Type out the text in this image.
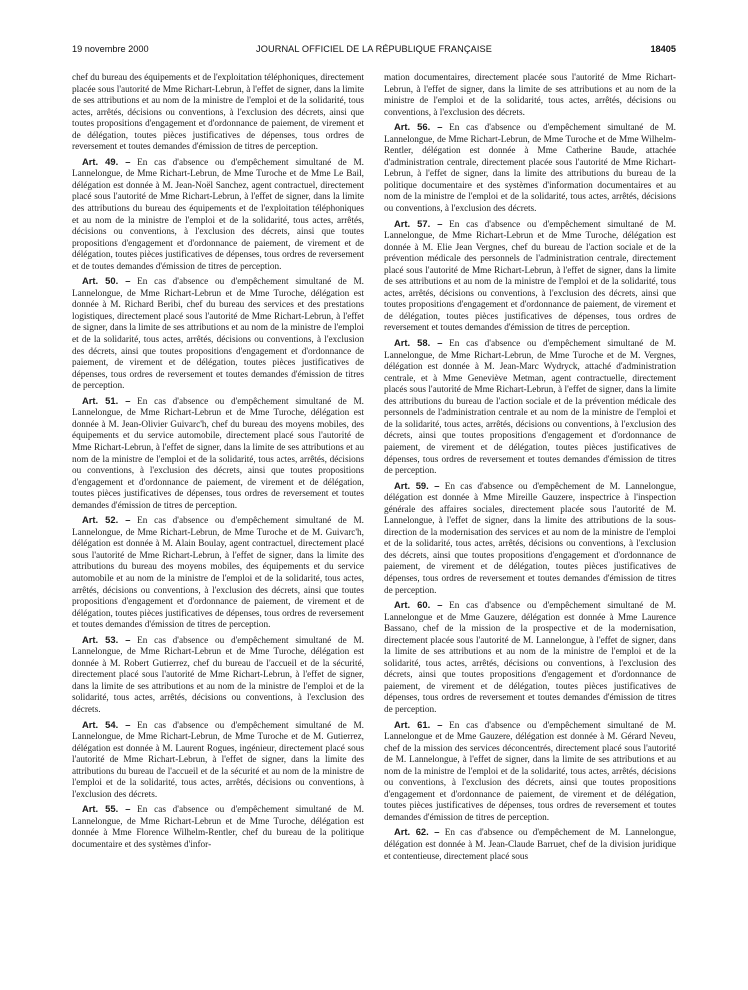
19 novembre 2000	JOURNAL OFFICIEL DE LA RÉPUBLIQUE FRANÇAISE	18405

chef du bureau des équipements et de l'exploitation téléphoniques, directement placée sous l'autorité de Mme Richart-Lebrun, à l'effet de signer, dans la limite de ses attributions et au nom de la ministre de l'emploi et de la solidarité, tous actes, arrêtés, décisions ou conventions, à l'exclusion des décrets, ainsi que toutes propositions d'engagement et d'ordonnance de paiement, de virement et de délégation, toutes pièces justificatives de dépenses, tous ordres de reversement et toutes demandes d'émission de titres de perception.

Art. 49. – En cas d'absence ou d'empêchement simultané de M. Lannelongue, de Mme Richart-Lebrun, de Mme Turoche et de Mme Le Bail, délégation est donnée à M. Jean-Noël Sanchez, agent contractuel, directement placé sous l'autorité de Mme Richart-Lebrun, à l'effet de signer, dans la limite des attributions du bureau des équipements et de l'exploitation téléphoniques et au nom de la ministre de l'emploi et de la solidarité, tous actes, arrêtés, décisions ou conventions, à l'exclusion des décrets, ainsi que toutes propositions d'engagement et d'ordonnance de paiement, de virement et de délégation, toutes pièces justificatives de dépenses, tous ordres de reversement et de toutes demandes d'émission de titres de perception.

Art. 50. – En cas d'absence ou d'empêchement simultané de M. Lannelongue, de Mme Richart-Lebrun et de Mme Turoche, délégation est donnée à M. Richard Beribi, chef du bureau des services et des prestations logistiques, directement placé sous l'autorité de Mme Richart-Lebrun, à l'effet de signer, dans la limite de ses attributions et au nom de la ministre de l'emploi et de la solidarité, tous actes, arrêtés, décisions ou conventions, à l'exclusion des décrets, ainsi que toutes propositions d'engagement et d'ordonnance de paiement, de virement et de délégation, toutes pièces justificatives de dépenses, tous ordres de reversement et toutes demandes d'émission de titres de perception.

Art. 51. – En cas d'absence ou d'empêchement simultané de M. Lannelongue, de Mme Richart-Lebrun et de Mme Turoche, délégation est donnée à M. Jean-Olivier Guivarc'h, chef du bureau des moyens mobiles, des équipements et du service automobile, directement placé sous l'autorité de Mme Richart-Lebrun, à l'effet de signer, dans la limite de ses attributions et au nom de la ministre de l'emploi et de la solidarité, tous actes, arrêtés, décisions ou conventions, à l'exclusion des décrets, ainsi que toutes propositions d'engagement et d'ordonnance de paiement, de virement et de délégation, toutes pièces justificatives de dépenses, tous ordres de reversement et toutes demandes d'émission de titres de perception.

Art. 52. – En cas d'absence ou d'empêchement simultané de M. Lannelongue, de Mme Richart-Lebrun, de Mme Turoche et de M. Guivarc'h, délégation est donnée à M. Alain Boulay, agent contractuel, directement placé sous l'autorité de Mme Richart-Lebrun, à l'effet de signer, dans la limite des attributions du bureau des moyens mobiles, des équipements et du service automobile et au nom de la ministre de l'emploi et de la solidarité, tous actes, arrêtés, décisions ou conventions, à l'exclusion des décrets, ainsi que toutes propositions d'engagement et d'ordonnance de paiement, de virement et de délégation, toutes pièces justificatives de dépenses, tous ordres de reversement et toutes demandes d'émission de titres de perception.

Art. 53. – En cas d'absence ou d'empêchement simultané de M. Lannelongue, de Mme Richart-Lebrun et de Mme Turoche, délégation est donnée à M. Robert Gutierrez, chef du bureau de l'accueil et de la sécurité, directement placé sous l'autorité de Mme Richart-Lebrun, à l'effet de signer, dans la limite de ses attributions et au nom de la ministre de l'emploi et de la solidarité, tous actes, arrêtés, décisions ou conventions, à l'exclusion des décrets.

Art. 54. – En cas d'absence ou d'empêchement simultané de M. Lannelongue, de Mme Richart-Lebrun, de Mme Turoche et de M. Gutierrez, délégation est donnée à M. Laurent Rogues, ingénieur, directement placé sous l'autorité de Mme Richart-Lebrun, à l'effet de signer, dans la limite des attributions du bureau de l'accueil et de la sécurité et au nom de la ministre de l'emploi et de la solidarité, tous actes, arrêtés, décisions ou conventions, à l'exclusion des décrets.

Art. 55. – En cas d'absence ou d'empêchement simultané de M. Lannelongue, de Mme Richart-Lebrun et de Mme Turoche, délégation est donnée à Mme Florence Wilhelm-Rentler, chef du bureau de la politique documentaire et des systèmes d'infor-

mation documentaires, directement placée sous l'autorité de Mme Richart-Lebrun, à l'effet de signer, dans la limite de ses attributions et au nom de la ministre de l'emploi et de la solidarité, tous actes, arrêtés, décisions ou conventions, à l'exclusion des décrets.

Art. 56. – En cas d'absence ou d'empêchement simultané de M. Lannelongue, de Mme Richart-Lebrun, de Mme Turoche et de Mme Wilhelm-Rentler, délégation est donnée à Mme Catherine Baude, attachée d'administration centrale, directement placée sous l'autorité de Mme Richart-Lebrun, à l'effet de signer, dans la limite des attributions du bureau de la politique documentaire et des systèmes d'information documentaires et au nom de la ministre de l'emploi et de la solidarité, tous actes, arrêtés, décisions ou conventions, à l'exclusion des décrets.

Art. 57. – En cas d'absence ou d'empêchement simultané de M. Lannelongue, de Mme Richart-Lebrun et de Mme Turoche, délégation est donnée à M. Elie Jean Vergnes, chef du bureau de l'action sociale et de la prévention médicale des personnels de l'administration centrale, directement placé sous l'autorité de Mme Richart-Lebrun, à l'effet de signer, dans la limite de ses attributions et au nom de la ministre de l'emploi et de la solidarité, tous actes, arrêtés, décisions ou conventions, à l'exclusion des décrets, ainsi que toutes propositions d'engagement et d'ordonnance de paiement, de virement et de délégation, toutes pièces justificatives de dépenses, tous ordres de reversement et toutes demandes d'émission de titres de perception.

Art. 58. – En cas d'absence ou d'empêchement simultané de M. Lannelongue, de Mme Richart-Lebrun, de Mme Turoche et de M. Vergnes, délégation est donnée à M. Jean-Marc Wydryck, attaché d'administration centrale, et à Mme Geneviève Metman, agent contractuelle, directement placés sous l'autorité de Mme Richart-Lebrun, à l'effet de signer, dans la limite des attributions du bureau de l'action sociale et de la prévention médicale des personnels de l'administration centrale et au nom de la ministre de l'emploi et de la solidarité, tous actes, arrêtés, décisions ou conventions, à l'exclusion des décrets, ainsi que toutes propositions d'engagement et d'ordonnance de paiement, de virement et de délégation, toutes pièces justificatives de dépenses, tous ordres de reversement et toutes demandes d'émission de titres de perception.

Art. 59. – En cas d'absence ou d'empêchement de M. Lannelongue, délégation est donnée à Mme Mireille Gauzere, inspectrice à l'inspection générale des affaires sociales, directement placée sous l'autorité de M. Lannelongue, à l'effet de signer, dans la limite des attributions de la sous-direction de la modernisation des services et au nom de la ministre de l'emploi et de la solidarité, tous actes, arrêtés, décisions ou conventions, à l'exclusion des décrets, ainsi que toutes propositions d'engagement et d'ordonnance de paiement, de virement et de délégation, toutes pièces justificatives de dépenses, tous ordres de reversement et toutes demandes d'émission de titres de perception.

Art. 60. – En cas d'absence ou d'empêchement simultané de M. Lannelongue et de Mme Gauzere, délégation est donnée à Mme Laurence Bassano, chef de la mission de la prospective et de la modernisation, directement placée sous l'autorité de M. Lannelongue, à l'effet de signer, dans la limite de ses attributions et au nom de la ministre de l'emploi et de la solidarité, tous actes, arrêtés, décisions ou conventions, à l'exclusion des décrets, ainsi que toutes propositions d'engagement et d'ordonnance de paiement, de virement et de délégation, toutes pièces justificatives de dépenses, tous ordres de reversement et toutes demandes d'émission de titres de perception.

Art. 61. – En cas d'absence ou d'empêchement simultané de M. Lannelongue et de Mme Gauzere, délégation est donnée à M. Gérard Neveu, chef de la mission des services déconcentrés, directement placé sous l'autorité de M. Lannelongue, à l'effet de signer, dans la limite de ses attributions et au nom de la ministre de l'emploi et de la solidarité, tous actes, arrêtés, décisions ou conventions, à l'exclusion des décrets, ainsi que toutes propositions d'engagement et d'ordonnance de paiement, de virement et de délégation, toutes pièces justificatives de dépenses, tous ordres de reversement et toutes demandes d'émission de titres de perception.

Art. 62. – En cas d'absence ou d'empêchement de M. Lannelongue, délégation est donnée à M. Jean-Claude Barruet, chef de la division juridique et contentieuse, directement placé sous
